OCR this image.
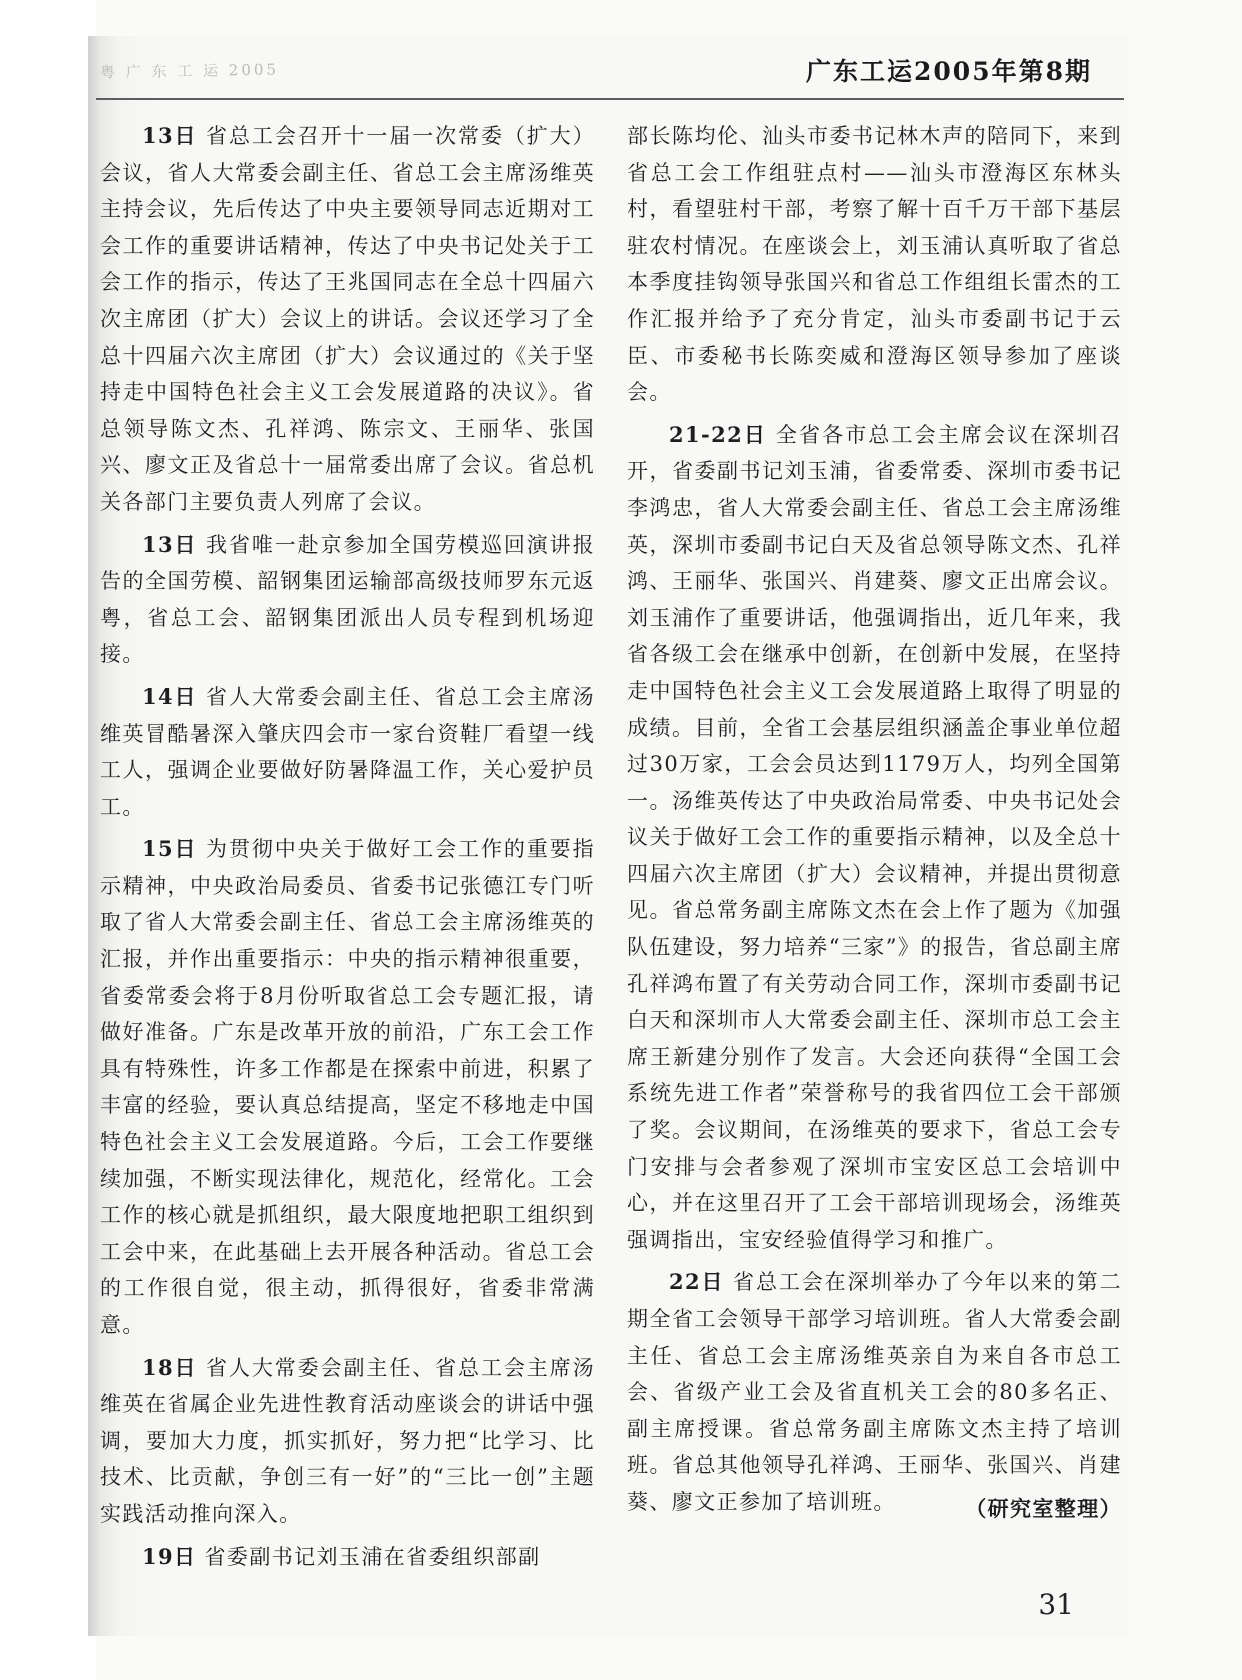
粤 广 东 工 运 2005	广东工运2005年第8期

13日 省总工会召开十一届一次常委（扩大）会议，省人大常委会副主任、省总工会主席汤维英主持会议，先后传达了中央主要领导同志近期对工会工作的重要讲话精神，传达了中央书记处关于工会工作的指示，传达了王兆国同志在全总十四届六次主席团（扩大）会议上的讲话。会议还学习了全总十四届六次主席团（扩大）会议通过的《关于坚持走中国特色社会主义工会发展道路的决议》。省总领导陈文杰、孔祥鸿、陈宗文、王丽华、张国兴、廖文正及省总十一届常委出席了会议。省总机关各部门主要负责人列席了会议。

13日 我省唯一赴京参加全国劳模巡回演讲报告的全国劳模、韶钢集团运输部高级技师罗东元返粤，省总工会、韶钢集团派出人员专程到机场迎接。

14日 省人大常委会副主任、省总工会主席汤维英冒酷暑深入肇庆四会市一家台资鞋厂看望一线工人，强调企业要做好防暑降温工作，关心爱护员工。

15日 为贯彻中央关于做好工会工作的重要指示精神，中央政治局委员、省委书记张德江专门听取了省人大常委会副主任、省总工会主席汤维英的汇报，并作出重要指示：中央的指示精神很重要，省委常委会将于8月份听取省总工会专题汇报，请做好准备。广东是改革开放的前沿，广东工会工作具有特殊性，许多工作都是在探索中前进，积累了丰富的经验，要认真总结提高，坚定不移地走中国特色社会主义工会发展道路。今后，工会工作要继续加强，不断实现法律化，规范化，经常化。工会工作的核心就是抓组织，最大限度地把职工组织到工会中来，在此基础上去开展各种活动。省总工会的工作很自觉，很主动，抓得很好，省委非常满意。

18日 省人大常委会副主任、省总工会主席汤维英在省属企业先进性教育活动座谈会的讲话中强调，要加大力度，抓实抓好，努力把“比学习、比技术、比贡献，争创三有一好”的“三比一创”主题实践活动推向深入。

19日 省委副书记刘玉浦在省委组织部副

部长陈均伦、汕头市委书记林木声的陪同下，来到省总工会工作组驻点村——汕头市澄海区东林头村，看望驻村干部，考察了解十百千万干部下基层驻农村情况。在座谈会上，刘玉浦认真听取了省总本季度挂钩领导张国兴和省总工作组组长雷杰的工作汇报并给予了充分肯定，汕头市委副书记于云臣、市委秘书长陈奕威和澄海区领导参加了座谈会。

21-22日 全省各市总工会主席会议在深圳召开，省委副书记刘玉浦，省委常委、深圳市委书记李鸿忠，省人大常委会副主任、省总工会主席汤维英，深圳市委副书记白天及省总领导陈文杰、孔祥鸿、王丽华、张国兴、肖建葵、廖文正出席会议。刘玉浦作了重要讲话，他强调指出，近几年来，我省各级工会在继承中创新，在创新中发展，在坚持走中国特色社会主义工会发展道路上取得了明显的成绩。目前，全省工会基层组织涵盖企事业单位超过30万家，工会会员达到1179万人，均列全国第一。汤维英传达了中央政治局常委、中央书记处会议关于做好工会工作的重要指示精神，以及全总十四届六次主席团（扩大）会议精神，并提出贯彻意见。省总常务副主席陈文杰在会上作了题为《加强队伍建设，努力培养“三家”》的报告，省总副主席孔祥鸿布置了有关劳动合同工作，深圳市委副书记白天和深圳市人大常委会副主任、深圳市总工会主席王新建分别作了发言。大会还向获得“全国工会系统先进工作者”荣誉称号的我省四位工会干部颁了奖。会议期间，在汤维英的要求下，省总工会专门安排与会者参观了深圳市宝安区总工会培训中心，并在这里召开了工会干部培训现场会，汤维英强调指出，宝安经验值得学习和推广。

22日 省总工会在深圳举办了今年以来的第二期全省工会领导干部学习培训班。省人大常委会副主任、省总工会主席汤维英亲自为来自各市总工会、省级产业工会及省直机关工会的80多名正、副主席授课。省总常务副主席陈文杰主持了培训班。省总其他领导孔祥鸿、王丽华、张国兴、肖建葵、廖文正参加了培训班。	（研究室整理）
31
